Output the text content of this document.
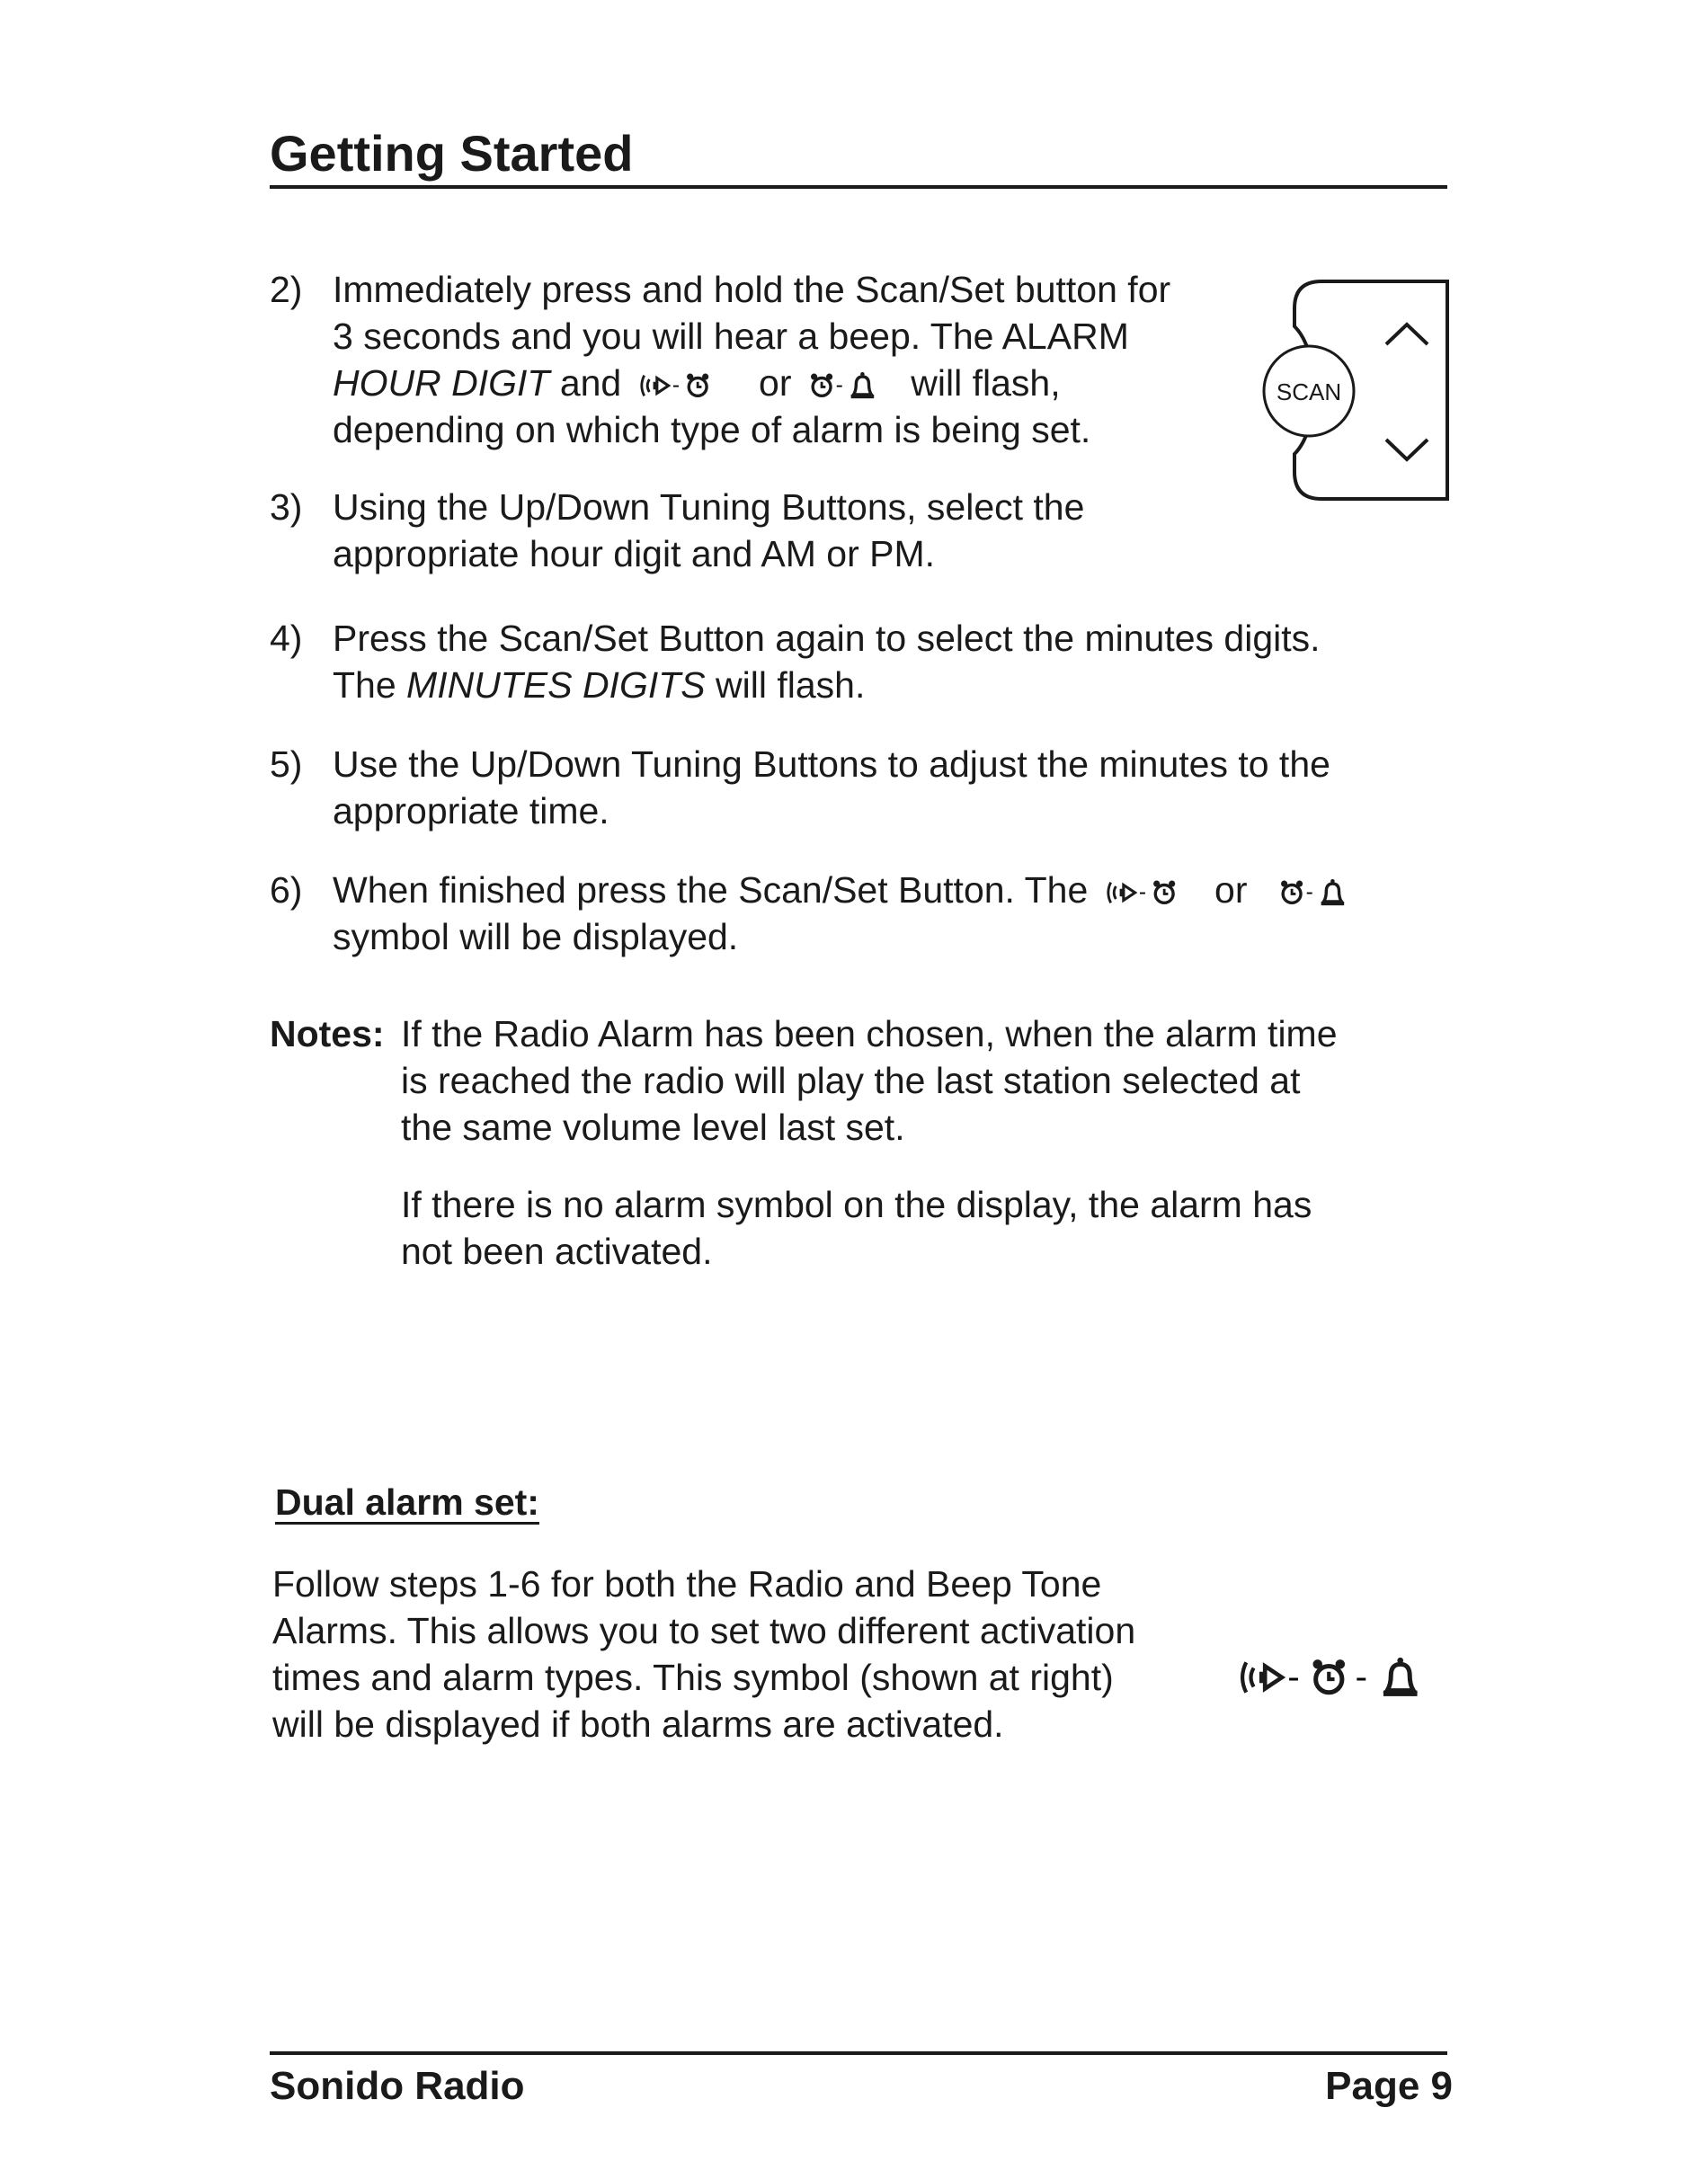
Getting Started
2) Immediately press and hold the Scan/Set button for
3 seconds and you will hear a beep. The ALARM
HOUR DIGIT and	- or - will flash,
depending on which type of alarm is being set.
SCAN
3) Using the Up/Down Tuning Buttons, select the
appropriate hour digit and AM or PM.
4) Press the Scan/Set Button again to select the minutes digits.
The MINUTES DIGITS will flash.
5) Use the Up/Down Tuning Buttons to adjust the minutes to the
appropriate time.
6) When finished press the Scan/Set Button. The	- or	-
symbol will be displayed.
Notes: If the Radio Alarm has been chosen, when the alarm time
is reached the radio will play the last station selected at
the same volume level last set.
If there is no alarm symbol on the display, the alarm has
not been activated.
Dual alarm set:
Follow steps 1-6 for both the Radio and Beep Tone
Alarms. This allows you to set two different activation
times and alarm types. This symbol (shown at right)
will be displayed if both alarms are activated.
-	-
Sonido Radio	Page 9
